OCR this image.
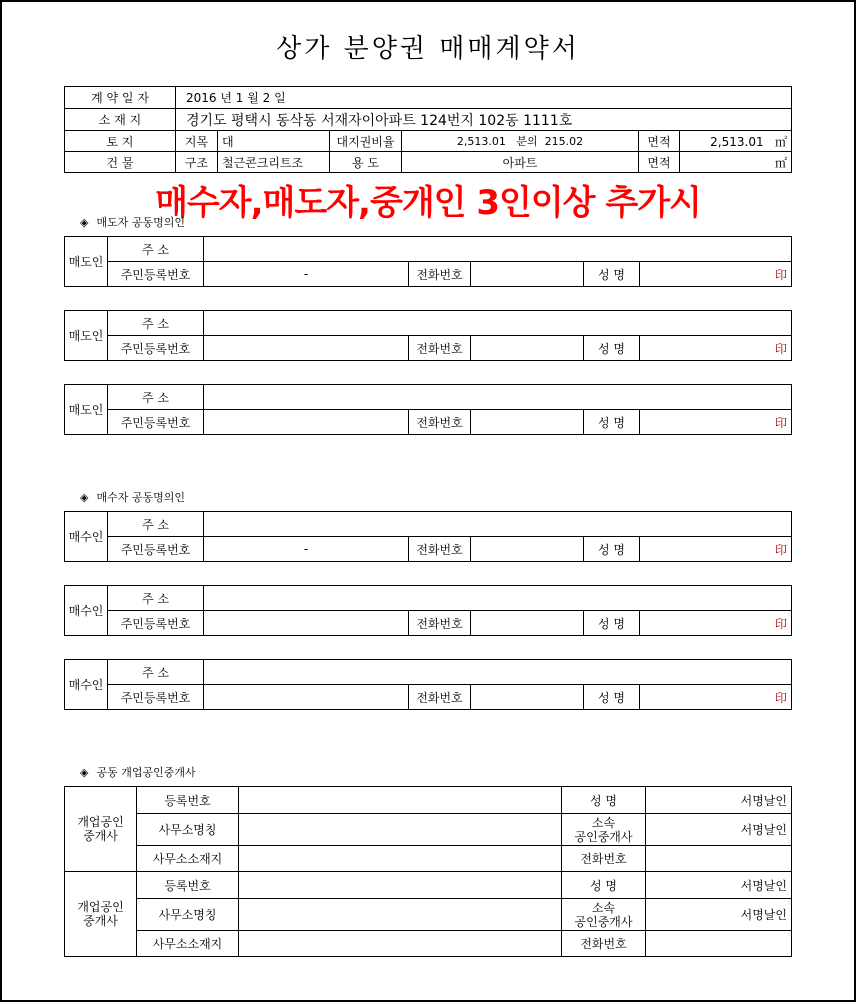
상가 분양권 매매계약서
계 약 일 자	2016 년 1 월 2 일
소 재 지	경기도 평택시 동삭동 서재자이아파트 124번지 102동 1111호
토 지	지목	대	대지권비율	2,513.01 분의 215.02		면적	2,513.01 ㎡

건 물	구조	철근콘크리트조	용 도	아파트		면적	㎡
매수자,매도자,중개인 3인이상 추가시
◈ 매도자 공동명의인
매도인	주 소					
	주민등록번호	-	전화번호		성 명	印
매도인	주 소					
	주민등록번호		전화번호		성 명	印
매도인	주 소					
	주민등록번호		전화번호		성 명	印
◈ 매수자 공동명의인
매수인	주 소					
	주민등록번호	-	전화번호		성 명	印
매수인	주 소					
	주민등록번호		전화번호		성 명	印
매수인	주 소					
	주민등록번호		전화번호		성 명	印
◈ 공동 개업공인중개사
개업공인
중개사	등록번호		성 명	서명날인
	사무소명칭		소속
공인중개사	서명날인
	사무소소재지		전화번호	
개업공인
중개사	등록번호		성 명	서명날인
	사무소명칭		소속
공인중개사	서명날인
	사무소소재지		전화번호	
